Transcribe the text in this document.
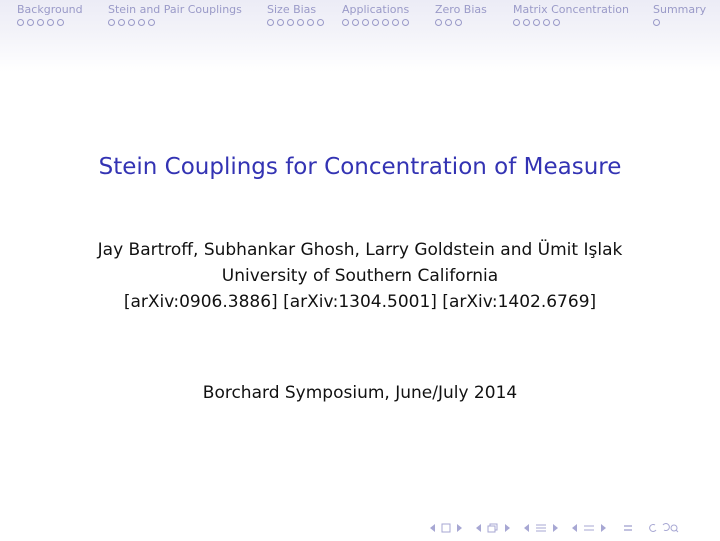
Background Stein and Pair Couplings Size Bias	Applications Zero Bias Matrix Concentration Summary
Stein Couplings for Concentration of Measure
Jay Bartroff, Subhankar Ghosh, Larry Goldstein and Ümit Işlak
University of Southern California
[arXiv:0906.3886] [arXiv:1304.5001] [arXiv:1402.6769]
Borchard Symposium, June/July 2014
